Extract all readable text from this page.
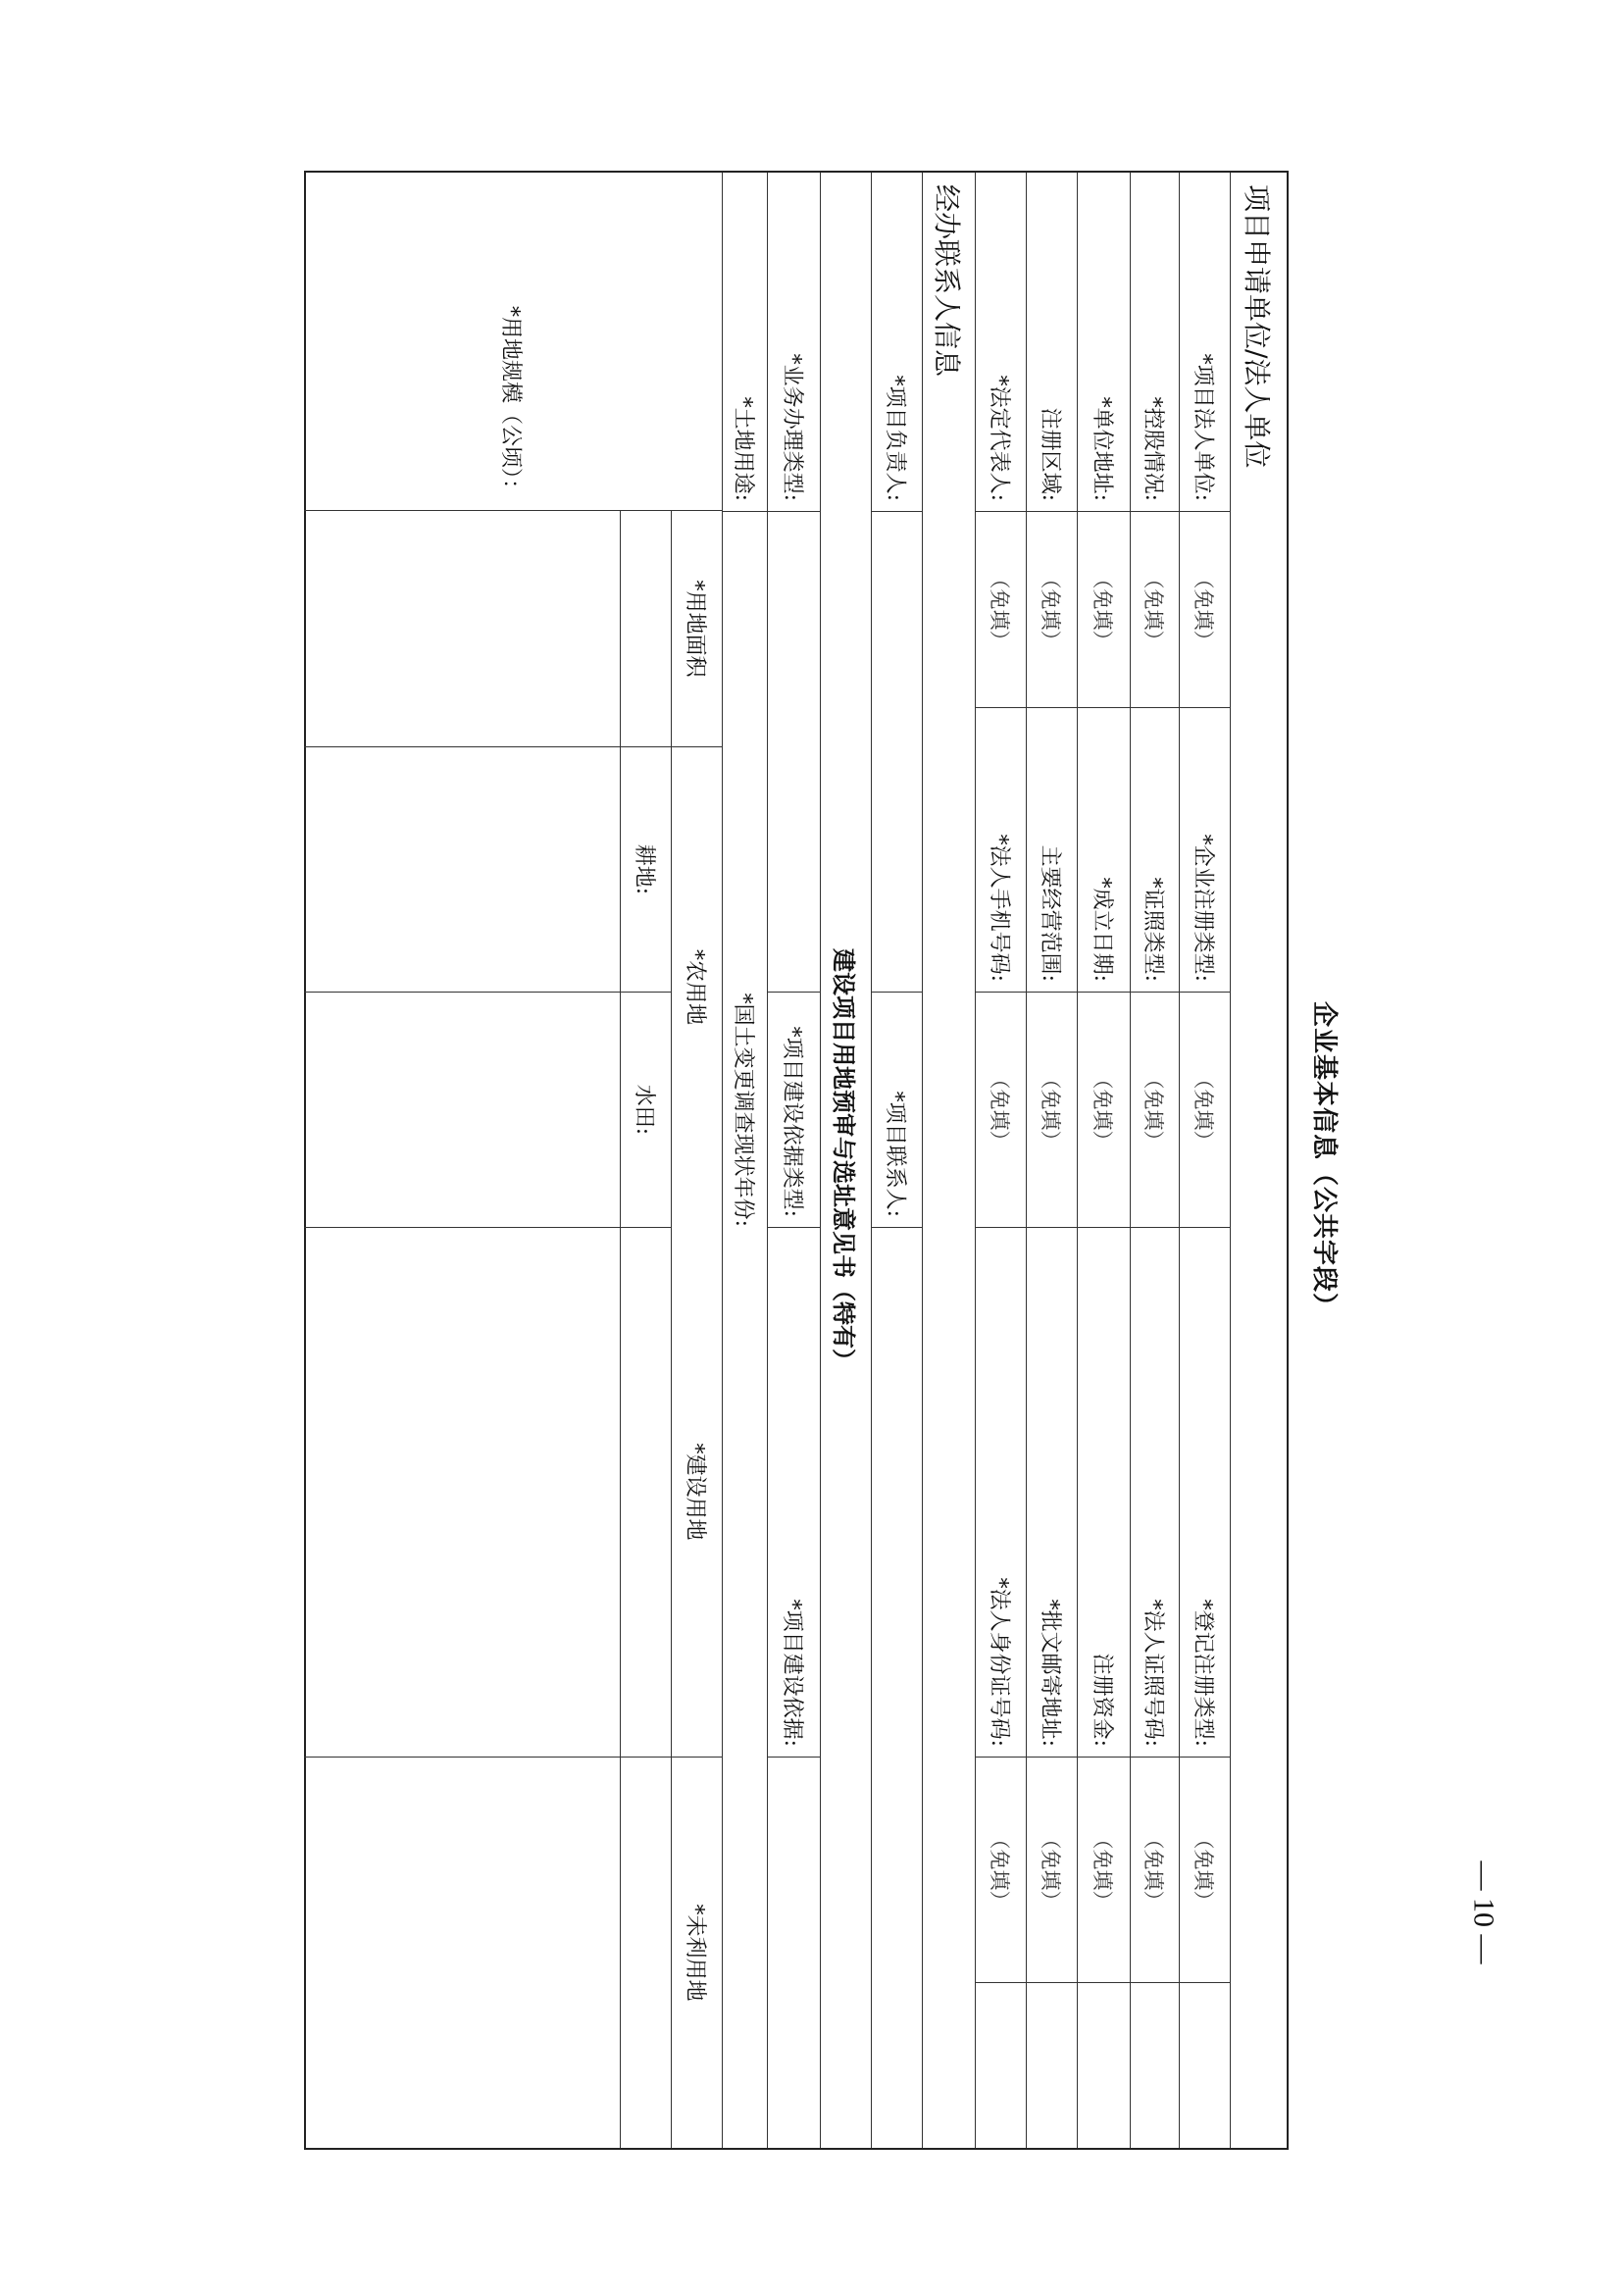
企业基本信息（公共字段）
项目申请单位/法人单位
*项目法人单位:
（免填）
*企业注册类型:
（免填）
*登记注册类型:
（免填）
*控股情况:
（免填）
*证照类型:
（免填）
*法人证照号码:
（免填）
*单位地址:
（免填）
*成立日期:
（免填）
注册资金:
（免填）
注册区域:
（免填）
主要经营范围:
（免填）
*批文邮寄地址:
（免填）
*法定代表人:
（免填）
*法人手机号码:
（免填）
*法人身份证号码:
（免填）
经办联系人信息
*项目负责人:
*项目联系人:
建设项目用地预审与选址意见书（特有）
*业务办理类型:
*项目建设依据类型:
*项目建设依据:
*土地用途:
*国土变更调查现状年份:
*用地规模（公顷）：
*用地面积
*农用地
*建设用地
*未利用地
耕地:
水田:
— 10 —
